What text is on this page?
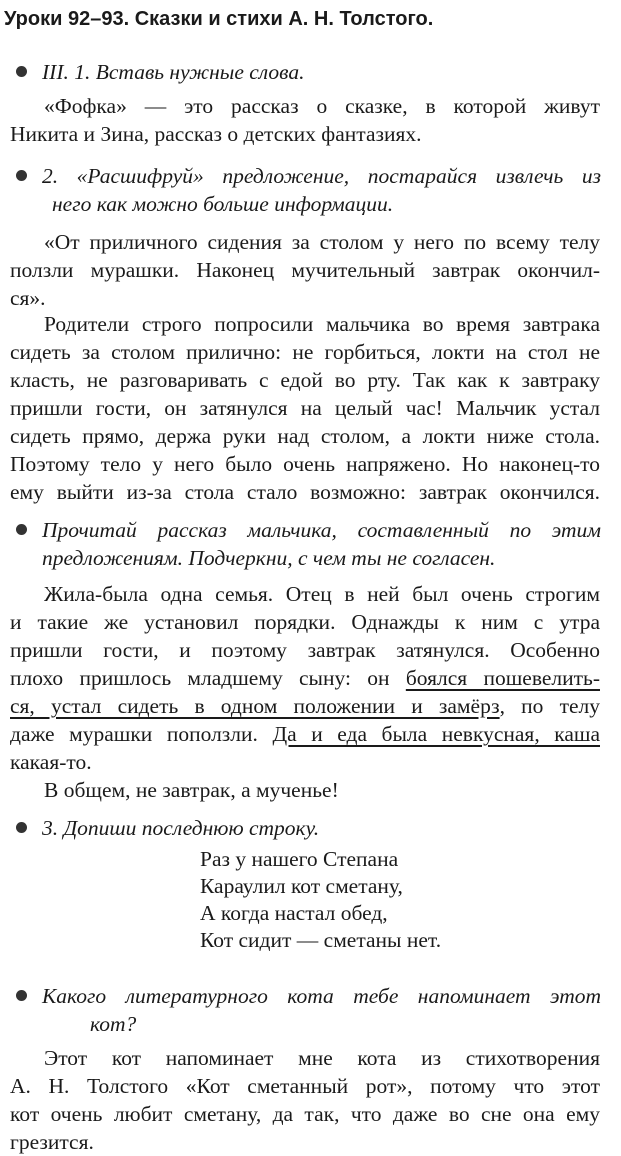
Уроки 92–93. Сказки и стихи А. Н. Толстого.
III. 1. Вставь нужные слова.
«Фофка» — это рассказ о сказке, в которой живут
Никита и Зина, рассказ о детских фантазиях.
2. «Расшифруй» предложение, постарайся извлечь из
него как можно больше информации.
«От приличного сидения за столом у него по всему телу
ползли мурашки. Наконец мучительный завтрак окончил-
ся».
Родители строго попросили мальчика во время завтрака
сидеть за столом прилично: не горбиться, локти на стол не
класть, не разговаривать с едой во рту. Так как к завтраку
пришли гости, он затянулся на целый час! Мальчик устал
сидеть прямо, держа руки над столом, а локти ниже стола.
Поэтому тело у него было очень напряжено. Но наконец-то
ему выйти из-за стола стало возможно: завтрак окончился.
Прочитай рассказ мальчика, составленный по этим
предложениям. Подчеркни, с чем ты не согласен.
Жила-была одна семья. Отец в ней был очень строгим
и такие же установил порядки. Однажды к ним с утра
пришли гости, и поэтому завтрак затянулся. Особенно
плохо пришлось младшему сыну: он боялся пошевелить-
ся, устал сидеть в одном положении и замёрз, по телу
даже мурашки поползли. Да и еда была невкусная, каша
какая-то.
В общем, не завтрак, а мученье!
3. Допиши последнюю строку.
Раз у нашего Степана
Караулил кот сметану,
А когда настал обед,
Кот сидит — сметаны нет.
Какого литературного кота тебе напоминает этот
кот?
Этот кот напоминает мне кота из стихотворения
А. Н. Толстого «Кот сметанный рот», потому что этот
кот очень любит сметану, да так, что даже во сне она ему
грезится.
